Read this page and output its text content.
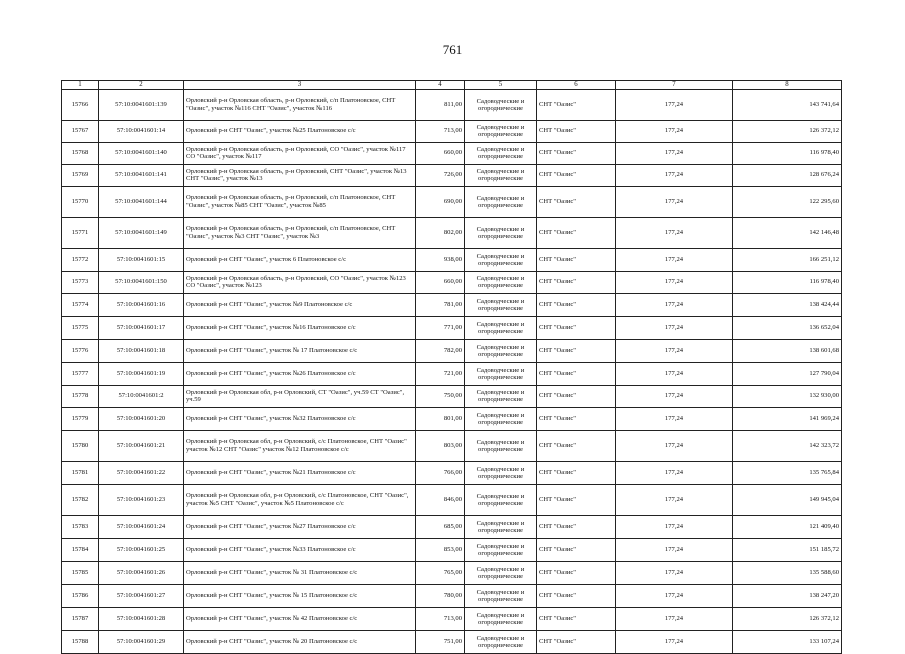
761
1	2	3	4	5	6	7	8
15766	57:10:0041601:139	Орловский р-н Орловская область, р-н Орловский, с/п Платоновское, СНТ "Оазис", участок №116 СНТ "Оазис", участок №116	811,00	Садоводческие и огороднические	СНТ "Оазис"	177,24	143 741,64
15767	57:10:0041601:14	Орловский р-н СНТ "Оазис", участок №25 Платоновское с/с	713,00	Садоводческие и огороднические	СНТ "Оазис"	177,24	126 372,12
15768	57:10:0041601:140	Орловский р-н Орловская область, р-н Орловский, СО "Оазис", участок №117 СО "Оазис", участок №117	660,00	Садоводческие и огороднические	СНТ "Оазис"	177,24	116 978,40
15769	57:10:0041601:141	Орловский р-н Орловская область, р-н Орловский, СНТ "Оазис", участок №13 СНТ "Оазис", участок №13	726,00	Садоводческие и огороднические	СНТ "Оазис"	177,24	128 676,24
15770	57:10:0041601:144	Орловский р-н Орловская область, р-н Орловский, с/п Платоновское, СНТ "Оазис", участок №85 СНТ "Оазис", участок №85	690,00	Садоводческие и огороднические	СНТ "Оазис"	177,24	122 295,60
15771	57:10:0041601:149	Орловский р-н Орловская область, р-н Орловский, с/п Платоновское, СНТ "Оазис", участок №3 СНТ "Оазис", участок №3	802,00	Садоводческие и огороднические	СНТ "Оазис"	177,24	142 146,48
15772	57:10:0041601:15	Орловский р-н СНТ "Оазис", участок 6 Платоновское с/с	938,00	Садоводческие и огороднические	СНТ "Оазис"	177,24	166 251,12
15773	57:10:0041601:150	Орловский р-н Орловская область, р-н Орловский, СО "Оазис", участок №123 СО "Оазис", участок №123	660,00	Садоводческие и огороднические	СНТ "Оазис"	177,24	116 978,40
15774	57:10:0041601:16	Орловский р-н СНТ "Оазис", участок №9 Платоновское с/с	781,00	Садоводческие и огороднические	СНТ "Оазис"	177,24	138 424,44
15775	57:10:0041601:17	Орловский р-н СНТ "Оазис", участок №16 Платоновское с/с	771,00	Садоводческие и огороднические	СНТ "Оазис"	177,24	136 652,04
15776	57:10:0041601:18	Орловский р-н СНТ "Оазис", участок № 17 Платоновское с/с	782,00	Садоводческие и огороднические	СНТ "Оазис"	177,24	138 601,68
15777	57:10:0041601:19	Орловский р-н СНТ "Оазис", участок №26 Платоновское с/с	721,00	Садоводческие и огороднические	СНТ "Оазис"	177,24	127 790,04
15778	57:10:0041601:2	Орловский р-н Орловская обл, р-н Орловский, СТ "Оазис", уч.59 СТ "Оазис", уч.59	750,00	Садоводческие и огороднические	СНТ "Оазис"	177,24	132 930,00
15779	57:10:0041601:20	Орловский р-н СНТ "Оазис", участок №32 Платоновское с/с	801,00	Садоводческие и огороднические	СНТ "Оазис"	177,24	141 969,24
15780	57:10:0041601:21	Орловский р-н Орловская обл, р-н Орловский, с/с Платоновское, СНТ "Оазис" участок №12 СНТ "Оазис" участок №12 Платоновское с/с	803,00	Садоводческие и огороднические	СНТ "Оазис"	177,24	142 323,72
15781	57:10:0041601:22	Орловский р-н СНТ "Оазис", участок №21 Платоновское с/с	766,00	Садоводческие и огороднические	СНТ "Оазис"	177,24	135 765,84
15782	57:10:0041601:23	Орловский р-н Орловская обл, р-н Орловский, с/с Платоновское, СНТ "Оазис", участок №5 СНТ "Оазис", участок №5 Платоновское с/с	846,00	Садоводческие и огороднические	СНТ "Оазис"	177,24	149 945,04
15783	57:10:0041601:24	Орловский р-н СНТ "Оазис", участок №27 Платоновское с/с	685,00	Садоводческие и огороднические	СНТ "Оазис"	177,24	121 409,40
15784	57:10:0041601:25	Орловский р-н СНТ "Оазис", участок №33 Платоновское с/с	853,00	Садоводческие и огороднические	СНТ "Оазис"	177,24	151 185,72
15785	57:10:0041601:26	Орловский р-н СНТ "Оазис", участок № 31 Платоновское с/с	765,00	Садоводческие и огороднические	СНТ "Оазис"	177,24	135 588,60
15786	57:10:0041601:27	Орловский р-н СНТ "Оазис", участок № 15 Платоновское с/с	780,00	Садоводческие и огороднические	СНТ "Оазис"	177,24	138 247,20
15787	57:10:0041601:28	Орловский р-н СНТ "Оазис", участок № 42 Платоновское с/с	713,00	Садоводческие и огороднические	СНТ "Оазис"	177,24	126 372,12
15788	57:10:0041601:29	Орловский р-н СНТ "Оазис", участок № 20 Платоновское с/с	751,00	Садоводческие и огороднические	СНТ "Оазис"	177,24	133 107,24
